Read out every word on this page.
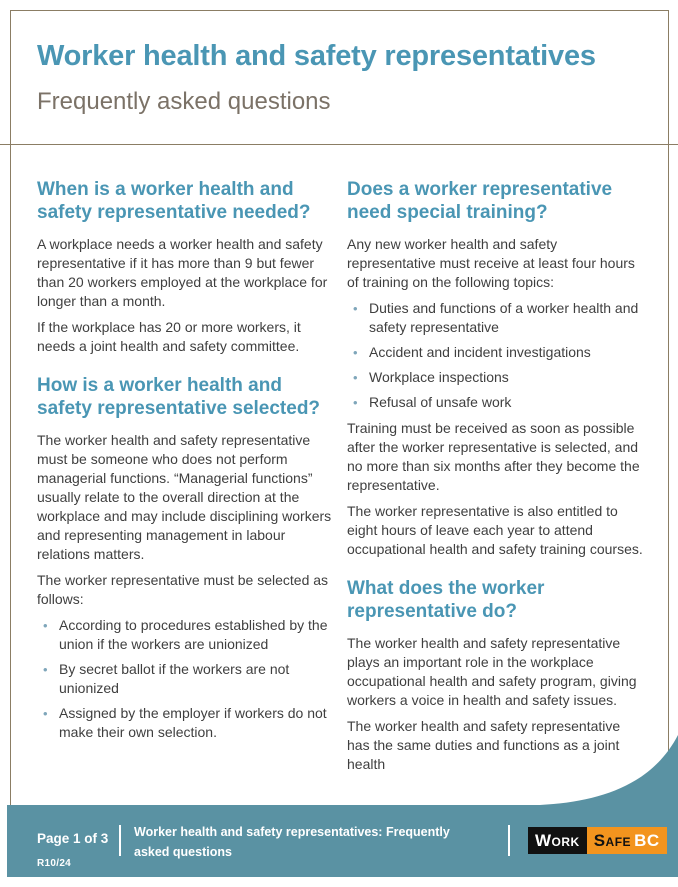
Worker health and safety representatives
Frequently asked questions
When is a worker health and safety representative needed?

A workplace needs a worker health and safety representative if it has more than 9 but fewer than 20 workers employed at the workplace for longer than a month.

If the workplace has 20 or more workers, it needs a joint health and safety committee.

How is a worker health and safety representative selected?

The worker health and safety representative must be someone who does not perform managerial functions. “Managerial functions” usually relate to the overall direction at the workplace and may include disciplining workers and representing management in labour relations matters.

The worker representative must be selected as follows:

• According to procedures established by the union if the workers are unionized
• By secret ballot if the workers are not unionized
• Assigned by the employer if workers do not make their own selection.
Does a worker representative need special training?

Any new worker health and safety representative must receive at least four hours of training on the following topics:

• Duties and functions of a worker health and safety representative
• Accident and incident investigations
• Workplace inspections
• Refusal of unsafe work

Training must be received as soon as possible after the worker representative is selected, and no more than six months after they become the representative.

The worker representative is also entitled to eight hours of leave each year to attend occupational health and safety training courses.

What does the worker representative do?

The worker health and safety representative plays an important role in the workplace occupational health and safety program, giving workers a voice in health and safety issues.

The worker health and safety representative has the same duties and functions as a joint health

Page 1 of 3
R10/24
Worker health and safety representatives: Frequently asked questions
Work Safe BC
